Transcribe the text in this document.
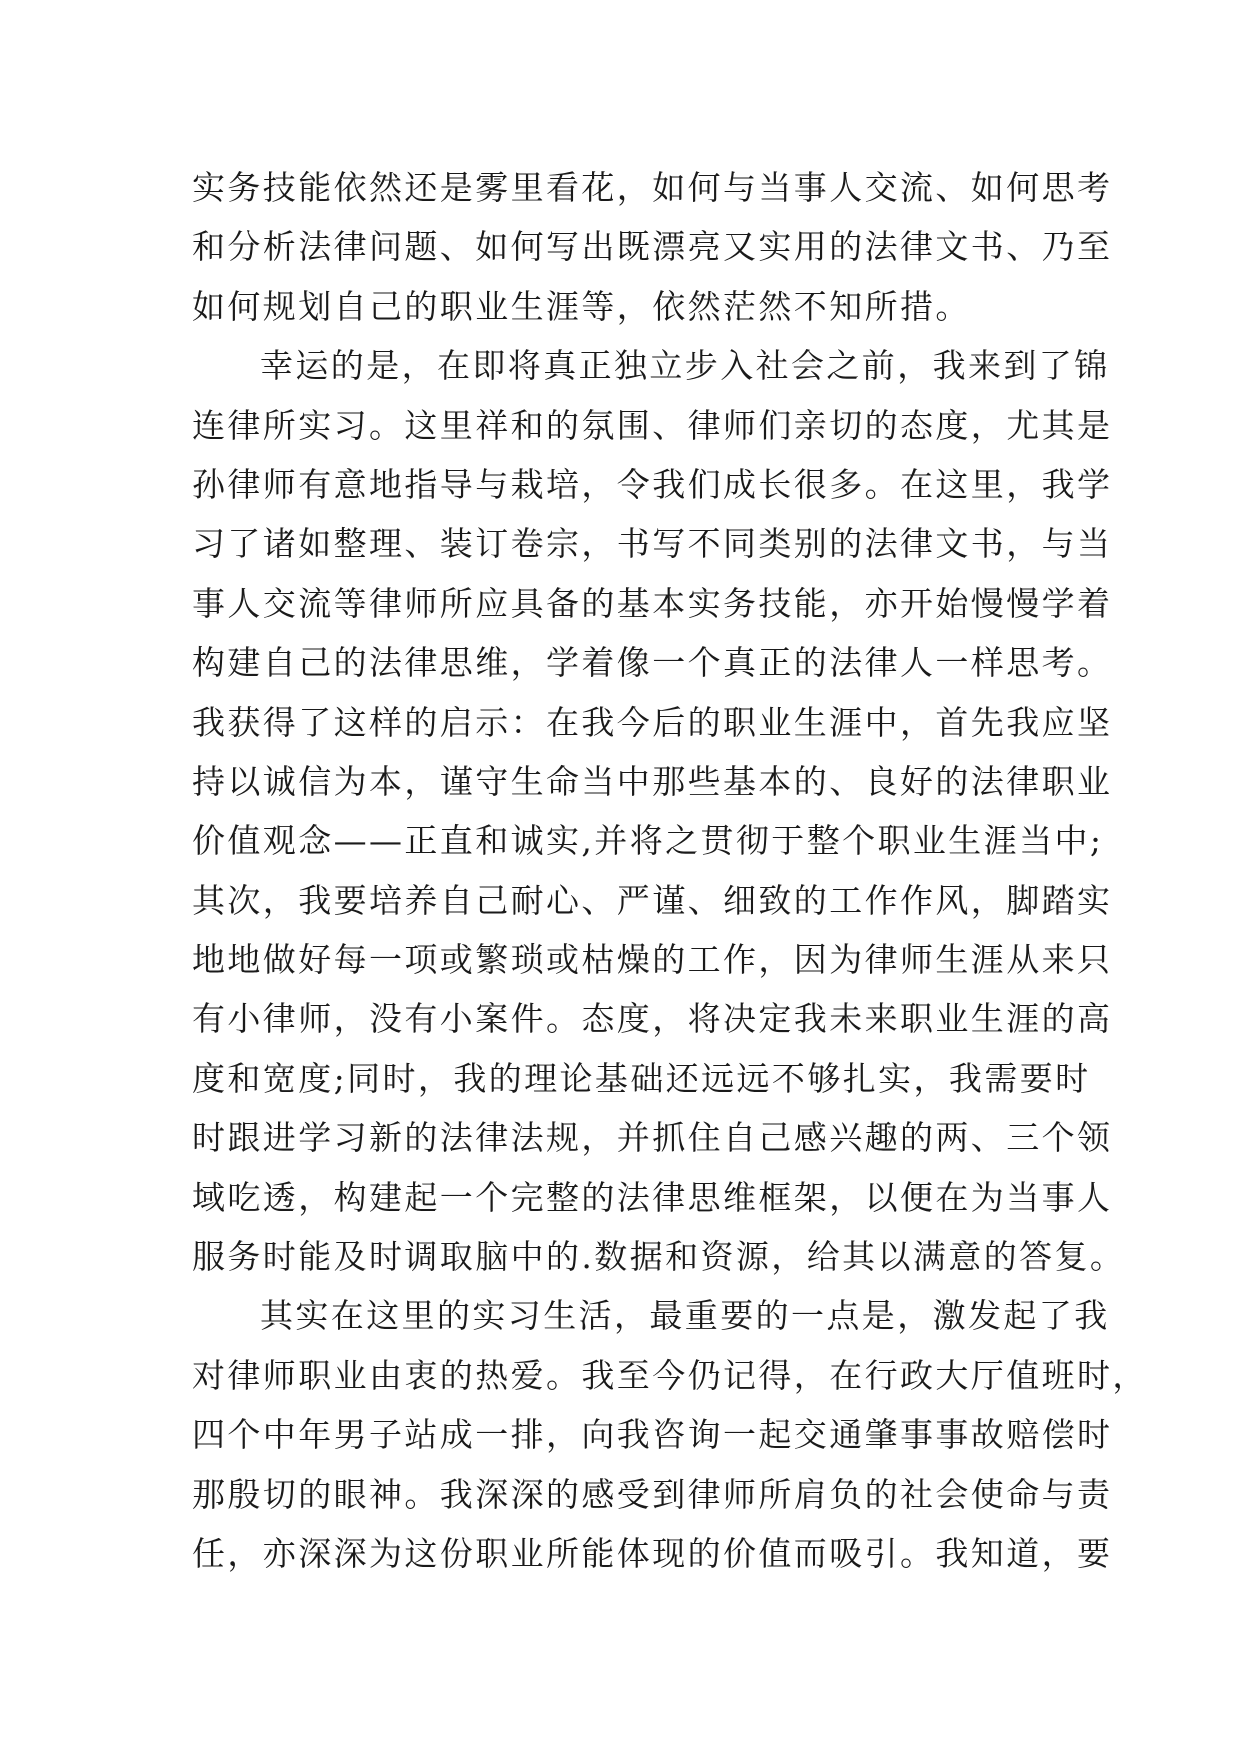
实务技能依然还是雾里看花，如何与当事人交流、如何思考
和分析法律问题、如何写出既漂亮又实用的法律文书、乃至
如何规划自己的职业生涯等，依然茫然不知所措。
幸运的是，在即将真正独立步入社会之前，我来到了锦
连律所实习。这里祥和的氛围、律师们亲切的态度，尤其是
孙律师有意地指导与栽培，令我们成长很多。在这里，我学
习了诸如整理、装订卷宗，书写不同类别的法律文书，与当
事人交流等律师所应具备的基本实务技能，亦开始慢慢学着
构建自己的法律思维，学着像一个真正的法律人一样思考。
我获得了这样的启示：在我今后的职业生涯中，首先我应坚
持以诚信为本，谨守生命当中那些基本的、良好的法律职业
价值观念——正直和诚实,并将之贯彻于整个职业生涯当中;
其次，我要培养自己耐心、严谨、细致的工作作风，脚踏实
地地做好每一项或繁琐或枯燥的工作，因为律师生涯从来只
有小律师，没有小案件。态度，将决定我未来职业生涯的高
度和宽度;同时，我的理论基础还远远不够扎实，我需要时
时跟进学习新的法律法规，并抓住自己感兴趣的两、三个领
域吃透，构建起一个完整的法律思维框架，以便在为当事人
服务时能及时调取脑中的.数据和资源，给其以满意的答复。
其实在这里的实习生活，最重要的一点是，激发起了我
对律师职业由衷的热爱。我至今仍记得，在行政大厅值班时，
四个中年男子站成一排，向我咨询一起交通肇事事故赔偿时
那殷切的眼神。我深深的感受到律师所肩负的社会使命与责
任，亦深深为这份职业所能体现的价值而吸引。我知道，要
